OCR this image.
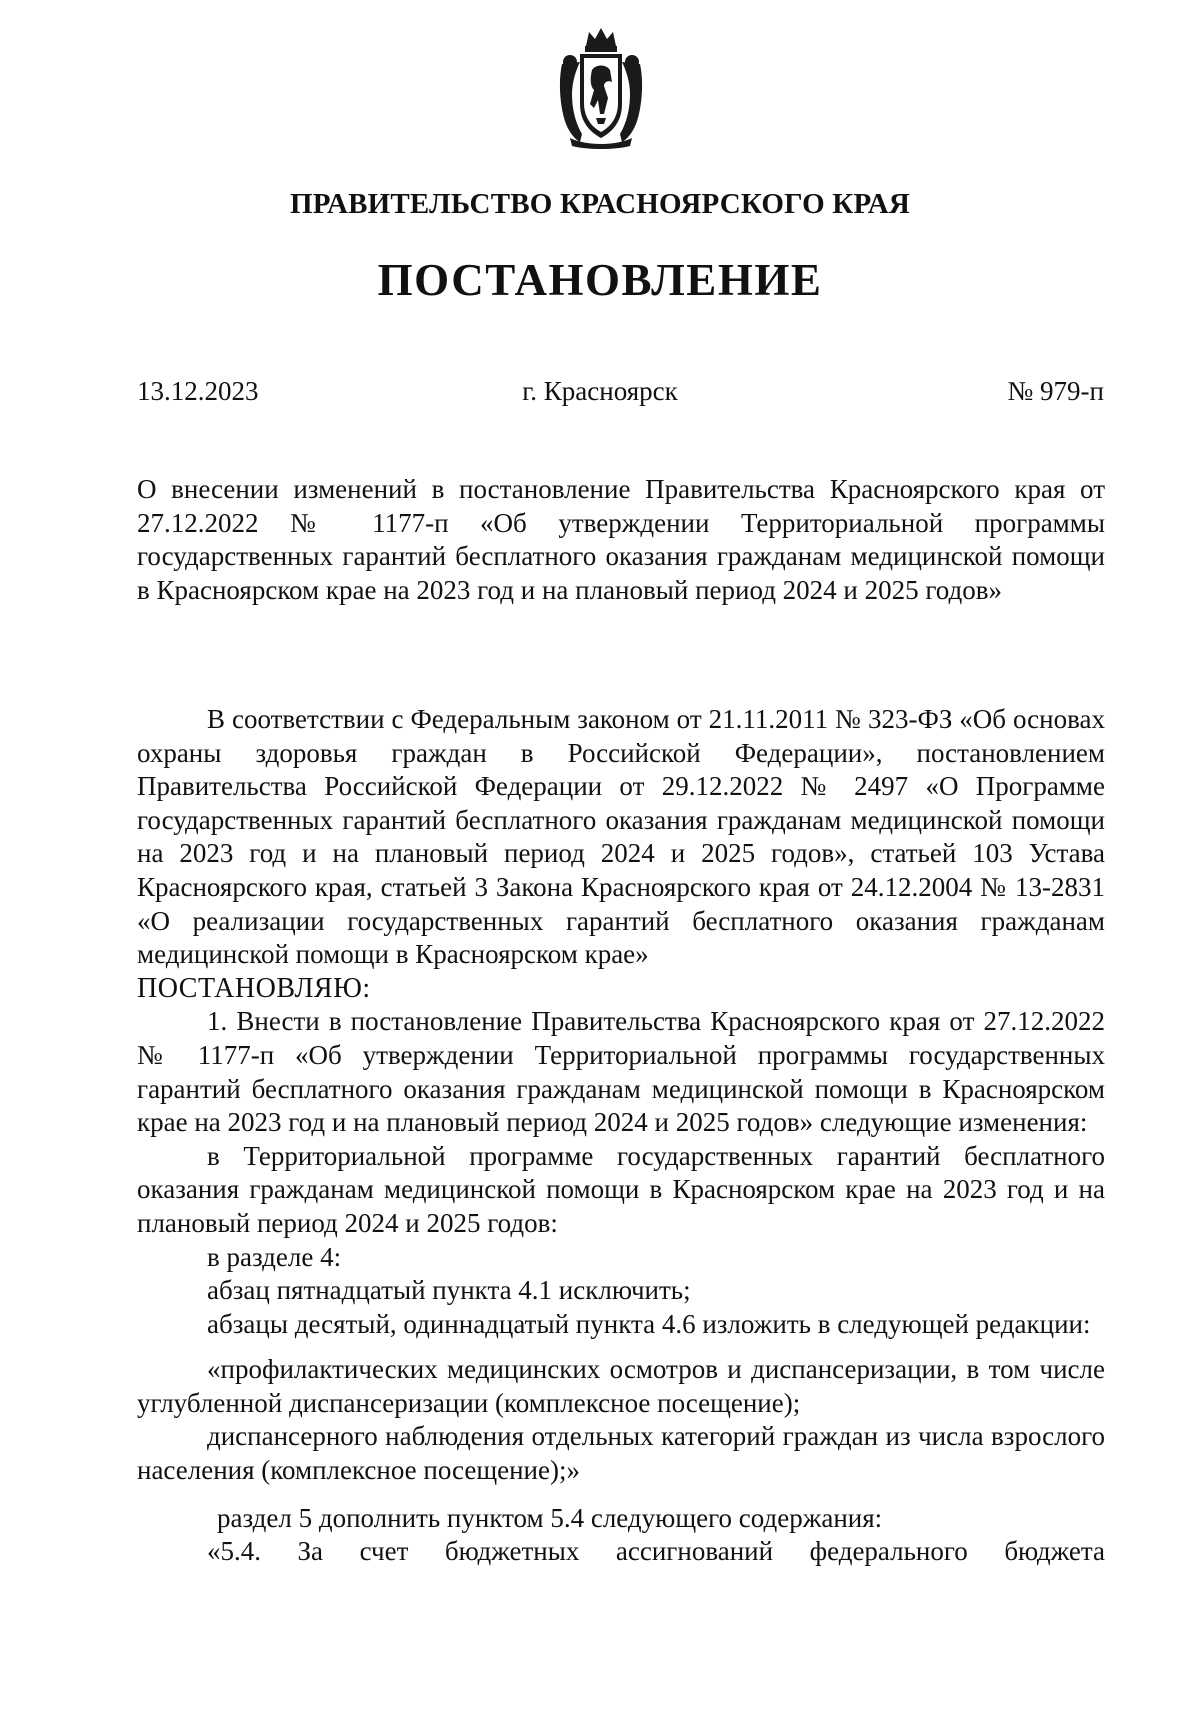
ПРАВИТЕЛЬСТВО КРАСНОЯРСКОГО КРАЯ
ПОСТАНОВЛЕНИЕ
13.12.2023	г. Красноярск	№ 979-п
О внесении изменений в постановление Правительства Красноярского края от 27.12.2022 № 1177-п «Об утверждении Территориальной программы государственных гарантий бесплатного оказания гражданам медицинской помощи в Красноярском крае на 2023 год и на плановый период 2024 и 2025 годов»

В соответствии с Федеральным законом от 21.11.2011 № 323-ФЗ «Об основах охраны здоровья граждан в Российской Федерации», постановлением Правительства Российской Федерации от 29.12.2022 № 2497 «О Программе государственных гарантий бесплатного оказания гражданам медицинской помощи на 2023 год и на плановый период 2024 и 2025 годов», статьей 103 Устава Красноярского края, статьей 3 Закона Красноярского края от 24.12.2004 № 13-2831 «О реализации государственных гарантий бесплатного оказания гражданам медицинской помощи в Красноярском крае»

ПОСТАНОВЛЯЮ:

1. Внести в постановление Правительства Красноярского края от 27.12.2022 № 1177-п «Об утверждении Территориальной программы государственных гарантий бесплатного оказания гражданам медицинской помощи в Красноярском крае на 2023 год и на плановый период 2024 и 2025 годов» следующие изменения:

в Территориальной программе государственных гарантий бесплатного оказания гражданам медицинской помощи в Красноярском крае на 2023 год и на плановый период 2024 и 2025 годов:

в разделе 4:

абзац пятнадцатый пункта 4.1 исключить;

абзацы десятый, одиннадцатый пункта 4.6 изложить в следующей редакции:

«профилактических медицинских осмотров и диспансеризации, в том числе углубленной диспансеризации (комплексное посещение);

диспансерного наблюдения отдельных категорий граждан из числа взрослого населения (комплексное посещение);»

раздел 5 дополнить пунктом 5.4 следующего содержания:

«5.4. За счет бюджетных ассигнований федерального бюджета
